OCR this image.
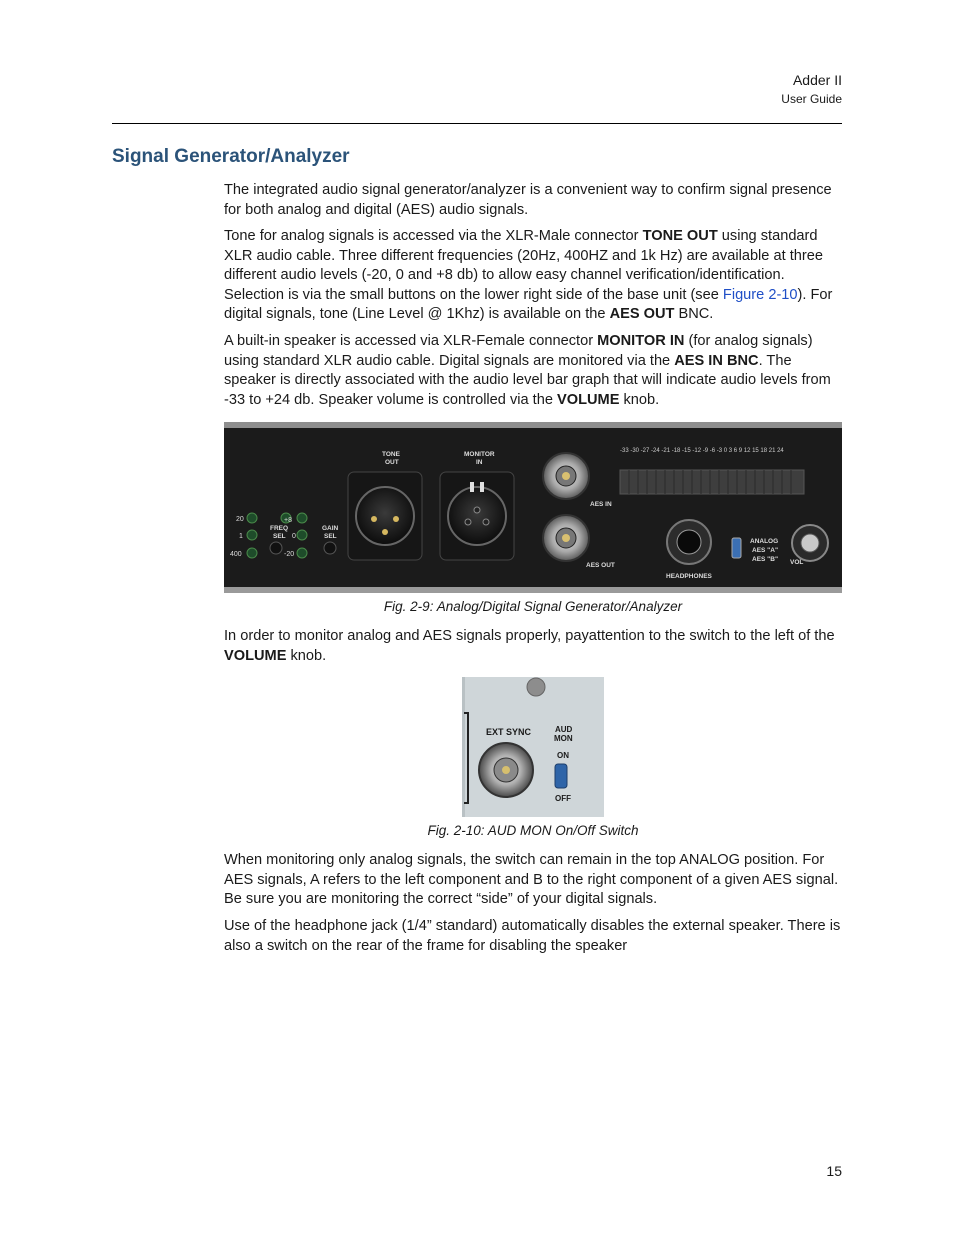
Adder II
User Guide
Signal Generator/Analyzer

The integrated audio signal generator/analyzer is a convenient way to confirm signal presence for both analog and digital (AES) audio signals.

Tone for analog signals is accessed via the XLR-Male connector TONE OUT using standard XLR audio cable. Three different frequencies (20Hz, 400HZ and 1k Hz) are available at three different audio levels (-20, 0 and +8 db) to allow easy channel verification/identification. Selection is via the small buttons on the lower right side of the base unit (see Figure 2-10). For digital signals, tone (Line Level @ 1Khz) is available on the AES OUT BNC.

A built-in speaker is accessed via XLR-Female connector MONITOR IN (for analog signals) using standard XLR audio cable. Digital signals are monitored via the AES IN BNC. The speaker is directly associated with the audio level bar graph that will indicate audio levels from -33 to +24 db. Speaker volume is controlled via the VOLUME knob.

20
1
400
+8
0
-20
FREQ
SEL
GAIN
SEL
TONE
OUT
MONITOR
IN
AES IN
AES OUT
-33 -30 -27 -24 -21 -18 -15 -12 -9 -6 -3 0 3 6 9 12 15 18 21 24
HEADPHONES
ANALOG
AES "A"
AES "B" VOL
Fig. 2-9: Analog/Digital Signal Generator/Analyzer

In order to monitor analog and AES signals properly, payattention to the switch to the left of the VOLUME knob.

EXT SYNC	AUD
MON
ON
OFF
Fig. 2-10: AUD MON On/Off Switch

When monitoring only analog signals, the switch can remain in the top ANALOG position. For AES signals, A refers to the left component and B to the right component of a given AES signal. Be sure you are monitoring the correct “side” of your digital signals.

Use of the headphone jack (1/4” standard) automatically disables the external speaker. There is also a switch on the rear of the frame for disabling the speaker

15
